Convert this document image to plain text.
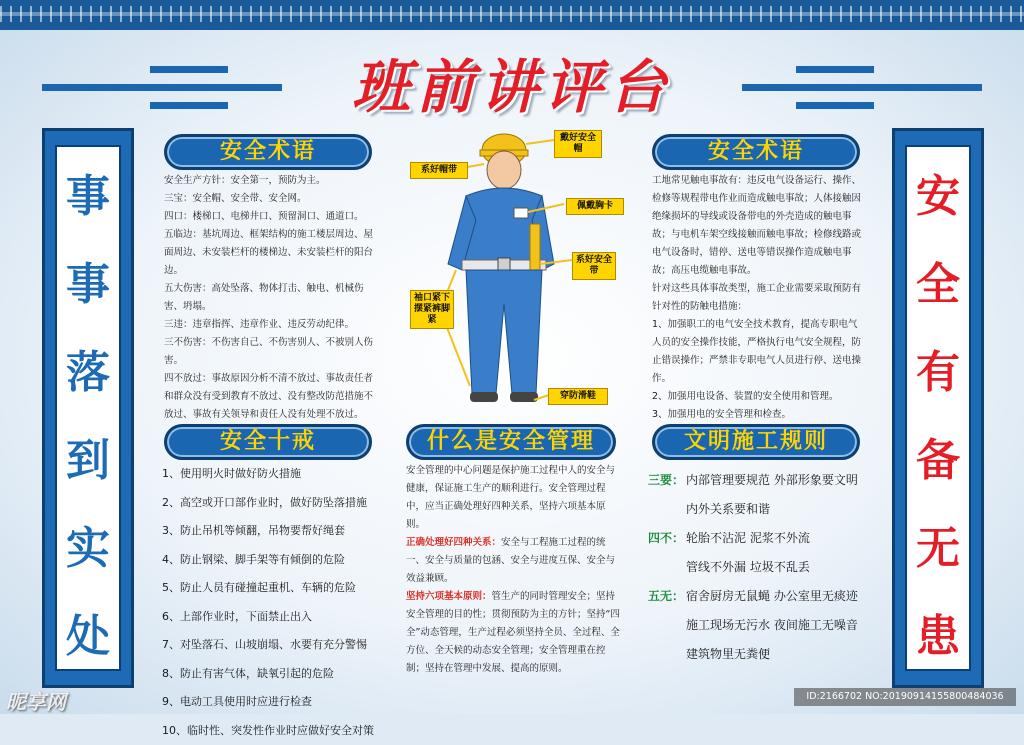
班前讲评台
事
事
落
到
实
处
安
全
有
备
无
患
安全术语
安全生产方针：安全第一，预防为主。
三宝：安全帽、安全带、安全网。
四口：楼梯口、电梯井口、预留洞口、通道口。
五临边：基坑周边、框架结构的施工楼层周边、屋面周边、未安装栏杆的楼梯边、未安装栏杆的阳台边。
五大伤害：高处坠落、物体打击、触电、机械伤害、坍塌。
三违：违章指挥、违章作业、违反劳动纪律。
三不伤害：不伤害自己、不伤害别人、不被别人伤害。
四不放过：事故原因分析不清不放过、事故责任者和群众没有受到教育不放过、没有整改防范措施不放过、事故有关领导和责任人没有处理不放过。
安全术语
工地常见触电事故有：违反电气设备运行、操作、检修等规程带电作业而造成触电事故；人体接触因绝缘损坏的导线或设备带电的外壳造成的触电事故；与电机车架空线接触而触电事故；检修线路或电气设备时，错停、送电等错误操作造成触电事故；高压电缆触电事故。
针对这些具体事故类型，施工企业需要采取预防有针对性的防触电措施：
1、加强职工的电气安全技术教育，提高专职电气人员的安全操作技能，严格执行电气安全规程，防止错误操作；严禁非专职电气人员进行停、送电操作。
2、加强用电设备、装置的安全使用和管理。
3、加强用电的安全管理和检查。
戴好安全帽
系好帽带
佩戴胸卡
系好安全带
袖口紧下摆紧裤脚紧
穿防滑鞋
安全十戒
1、使用明火时做好防火措施
2、高空或开口部作业时，做好防坠落措施
3、防止吊机等倾翻，吊物要帮好绳套
4、防止钢梁、脚手架等有倾倒的危险
5、防止人员有碰撞起重机、车辆的危险
6、上部作业时，下面禁止出入
7、对坠落石、山坡崩塌、水要有充分警惕
8、防止有害气体，缺氧引起的危险
9、电动工具使用时应进行检查
10、临时性、突发性作业时应做好安全对策
什么是安全管理
安全管理的中心问题是保护施工过程中人的安全与健康，保证施工生产的顺利进行。安全管理过程中，应当正确处理好四种关系，坚持六项基本原则。
正确处理好四种关系：安全与工程施工过程的统一、安全与质量的包涵、安全与进度互保、安全与效益兼顾。
坚持六项基本原则：管生产的同时管理安全；坚持安全管理的目的性；贯彻预防为主的方针；坚持“四全”动态管理，生产过程必须坚持全员、全过程、全方位、全天候的动态安全管理；安全管理重在控制；坚持在管理中发展、提高的原则。
文明施工规则
三要： 内部管理要规范 外部形象要文明
内外关系要和谐
四不： 轮胎不沾泥 泥浆不外流
管线不外漏 垃圾不乱丢
五无： 宿舍厨房无鼠蝇 办公室里无痰迹
施工现场无污水 夜间施工无噪音
建筑物里无粪便
昵享网	ID:2166702 NO:20190914155800484036
